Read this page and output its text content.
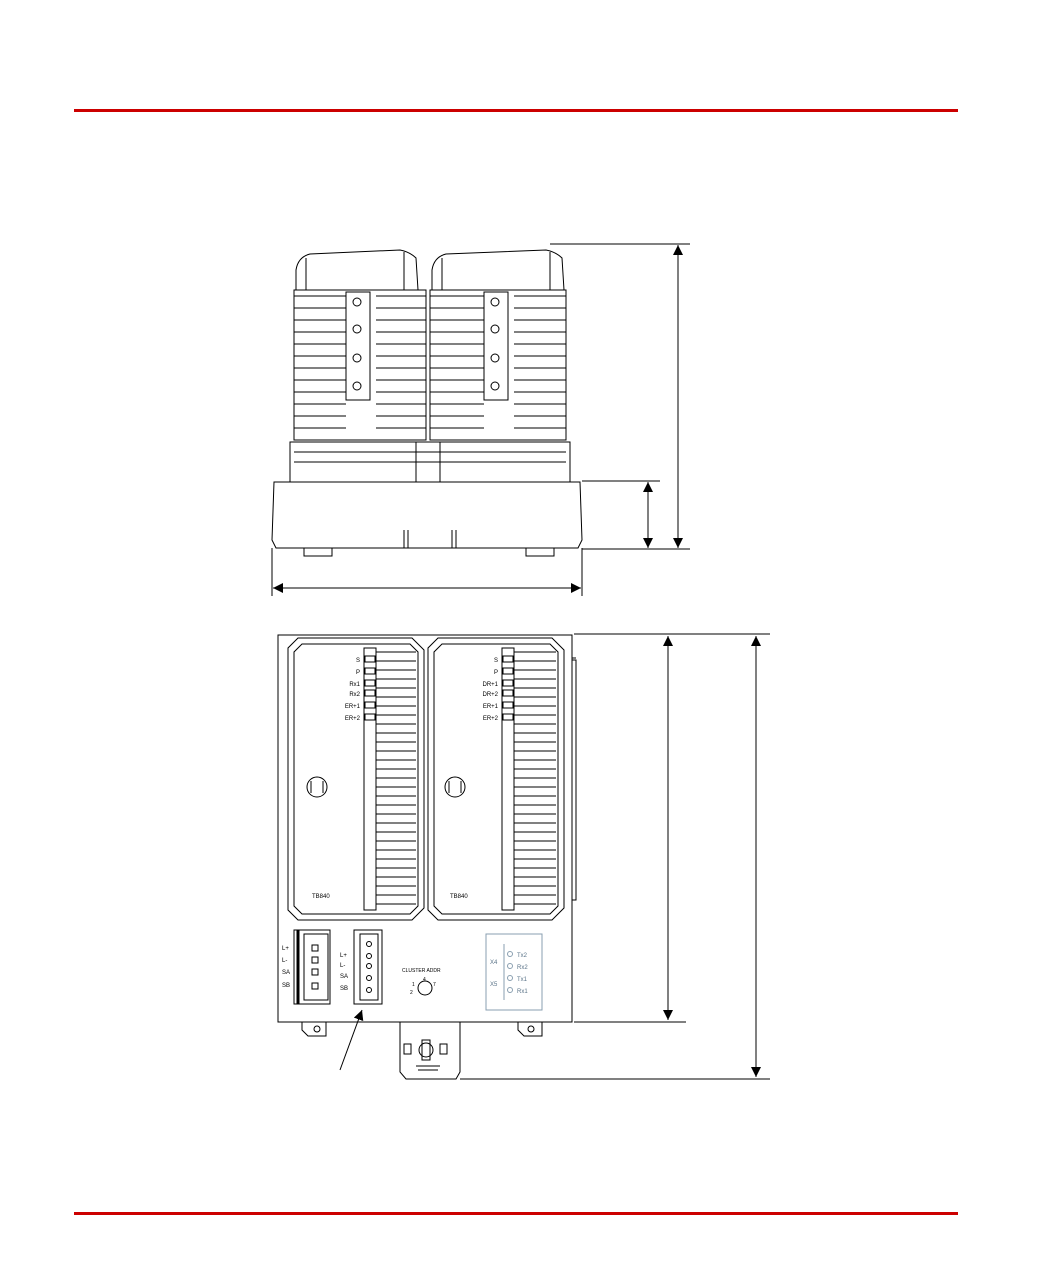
S
P
Rx1
Rx2
ER+1
ER+2
TB840
S
P
DR+1
DR+2
ER+1
ER+2
TB840
L+
L-
SA
SB
L+
L-
SA
SB
CLUSTER ADDR
1
4
7
2
X4
X5
Tx2
Rx2
Tx1
Rx1
